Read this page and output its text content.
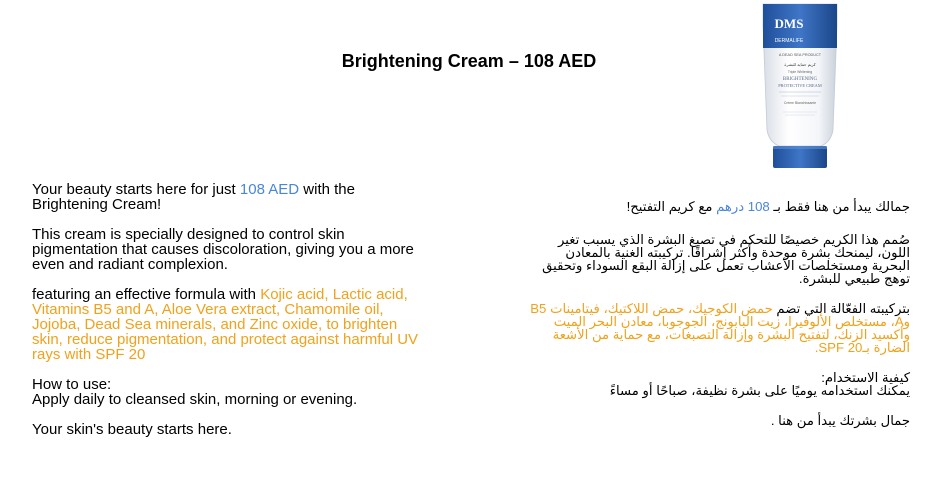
Brightening Cream – 108 AED
DMS
DERMALIFE
A DEAD SEA PRODUCT
كريم حماية للبشرة
Triple Whitening
BRIGHTENING
PROTECTIVE CREAM
Crème Blanchissante

Your beauty starts here for just 108 AED with the Brightening Cream!

This cream is specially designed to control skin pigmentation that causes discoloration, giving you a more even and radiant complexion.

featuring an effective formula with Kojic acid, Lactic acid, Vitamins B5 and A, Aloe Vera extract, Chamomile oil, Jojoba, Dead Sea minerals, and Zinc oxide, to brighten skin, reduce pigmentation, and protect against harmful UV rays with SPF 20

How to use:

Apply daily to cleansed skin, morning or evening.

Your skin's beauty starts here.

جمالك يبدأ من هنا فقط بـ 108 درهم مع كريم التفتيح!

صُمم هذا الكريم خصيصًا للتحكم في تصبغ البشرة الذي يسبب تغير اللون، ليمنحك بشرة موحدة وأكثر إشراقًا. تركيبته الغنية بالمعادن البحرية ومستخلصات الأعشاب تعمل على إزالة البقع السوداء وتحقيق توهج طبيعي للبشرة.

بتركيبته الفعّالة التي تضم حمض الكوجيك، حمض اللاكتيك، فيتامينات B5 وA، مستخلص الألوفيرا، زيت البابونج، الجوجوبا، معادن البحر الميت وأكسيد الزنك، لتفتيح البشرة وإزالة التصبغات، مع حماية من الأشعة الضارة بـSPF 20.

كيفية الاستخدام:

يمكنك استخدامه يوميًا على بشرة نظيفة، صباحًا أو مساءً

جمال بشرتك يبدأ من هنا .
